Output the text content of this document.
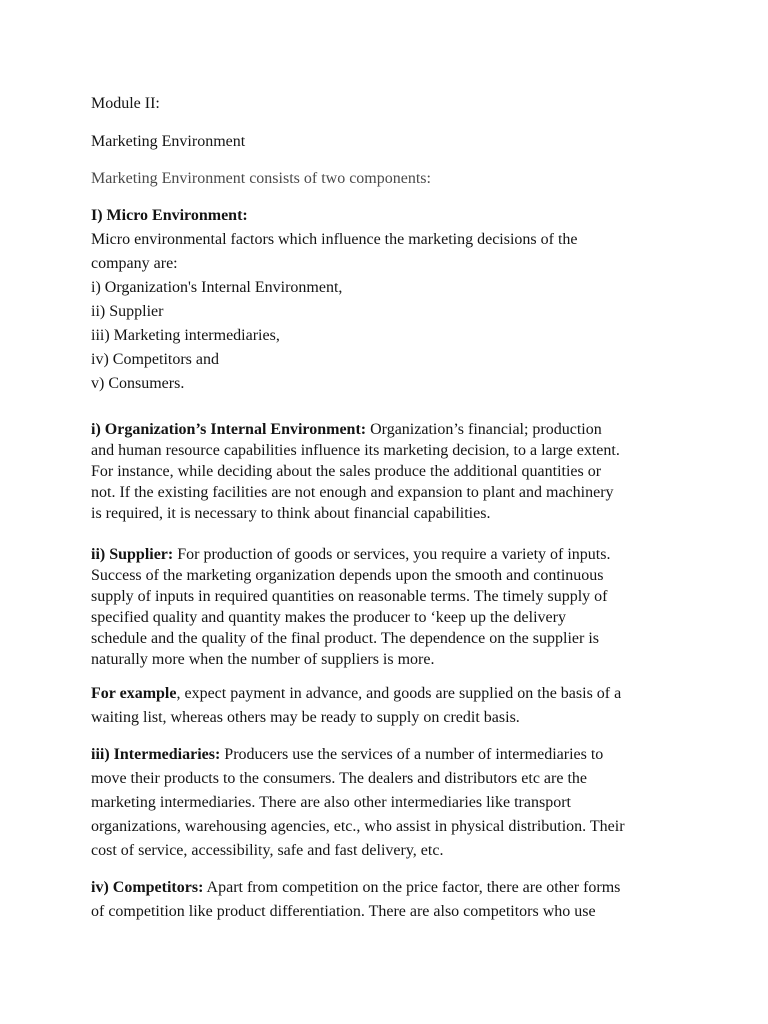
Module II:

Marketing Environment

Marketing Environment consists of two components:

I) Micro Environment:

Micro environmental factors which influence the marketing decisions of the

company are:

i) Organization's Internal Environment,

ii) Supplier

iii) Marketing intermediaries,

iv) Competitors and

v) Consumers.

i) Organization’s Internal Environment: Organization’s financial; production

and human resource capabilities influence its marketing decision, to a large extent.

For instance, while deciding about the sales produce the additional quantities or

not. If the existing facilities are not enough and expansion to plant and machinery

is required, it is necessary to think about financial capabilities.

ii) Supplier: For production of goods or services, you require a variety of inputs.

Success of the marketing organization depends upon the smooth and continuous

supply of inputs in required quantities on reasonable terms. The timely supply of

specified quality and quantity makes the producer to ‘keep up the delivery

schedule and the quality of the final product. The dependence on the supplier is

naturally more when the number of suppliers is more.

For example, expect payment in advance, and goods are supplied on the basis of a

waiting list, whereas others may be ready to supply on credit basis.

iii) Intermediaries: Producers use the services of a number of intermediaries to

move their products to the consumers. The dealers and distributors etc are the

marketing intermediaries. There are also other intermediaries like transport

organizations, warehousing agencies, etc., who assist in physical distribution. Their

cost of service, accessibility, safe and fast delivery, etc.

iv) Competitors: Apart from competition on the price factor, there are other forms

of competition like product differentiation. There are also competitors who use
